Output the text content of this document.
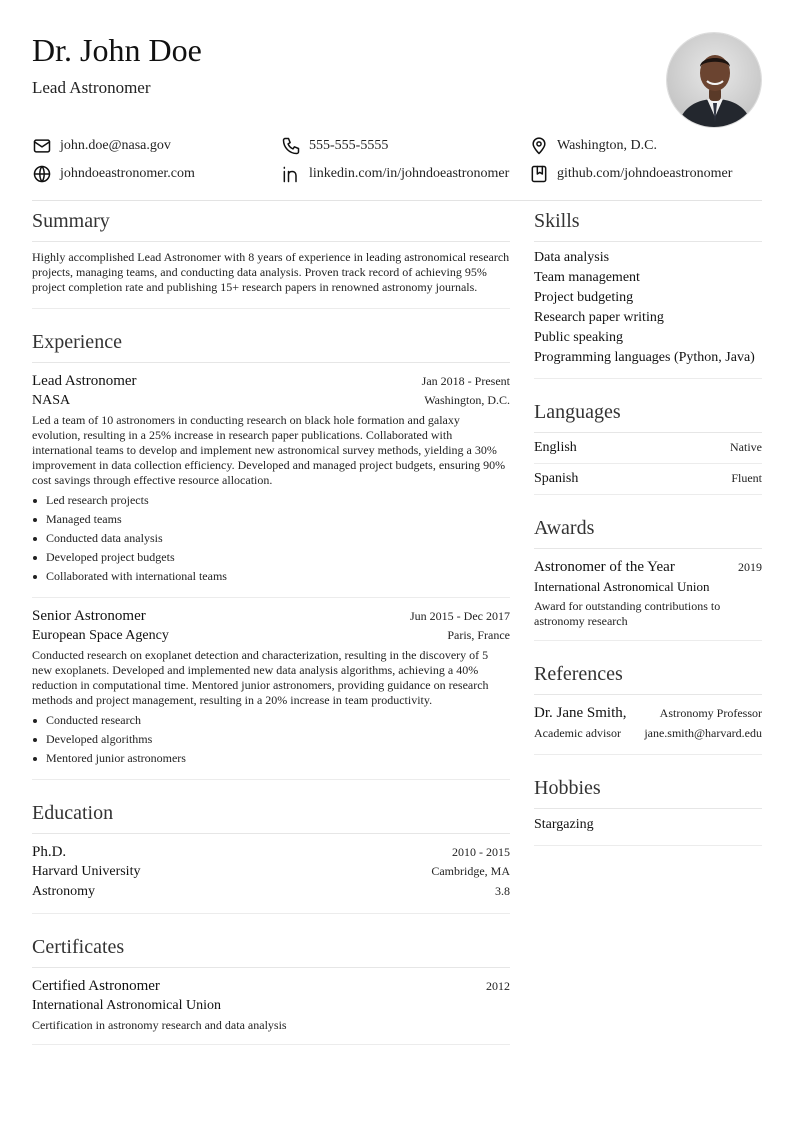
Dr. John Doe
Lead Astronomer
john.doe@nasa.gov	555-555-5555	Washington, D.C.
johndoeastronomer.com	linkedin.com/in/johndoeastronomer	github.com/johndoeastronomer
Summary
Highly accomplished Lead Astronomer with 8 years of experience in leading astronomical research projects, managing teams, and conducting data analysis. Proven track record of achieving 95% project completion rate and publishing 15+ research papers in renowned astronomy journals.
Experience
Lead Astronomer	Jan 2018 - Present
NASA	Washington, D.C.
Led a team of 10 astronomers in conducting research on black hole formation and galaxy evolution, resulting in a 25% increase in research paper publications. Collaborated with international teams to develop and implement new astronomical survey methods, yielding a 30% improvement in data collection efficiency. Developed and managed project budgets, ensuring 90% cost savings through effective resource allocation.
Led research projects
Managed teams
Conducted data analysis
Developed project budgets
Collaborated with international teams
Senior Astronomer	Jun 2015 - Dec 2017
European Space Agency	Paris, France
Conducted research on exoplanet detection and characterization, resulting in the discovery of 5 new exoplanets. Developed and implemented new data analysis algorithms, achieving a 40% reduction in computational time. Mentored junior astronomers, providing guidance on research methods and project management, resulting in a 20% increase in team productivity.
Conducted research
Developed algorithms
Mentored junior astronomers
Education
Ph.D.	2010 - 2015
Harvard University	Cambridge, MA
Astronomy	3.8
Certificates
Certified Astronomer	2012
International Astronomical Union
Certification in astronomy research and data analysis
Skills
Data analysis
Team management
Project budgeting
Research paper writing
Public speaking
Programming languages (Python, Java)
Languages
English	Native
Spanish	Fluent
Awards
Astronomer of the Year	2019
International Astronomical Union
Award for outstanding contributions to astronomy research
References
Dr. Jane Smith,	Astronomy Professor
Academic advisor jane.smith@harvard.edu
Hobbies
Stargazing
